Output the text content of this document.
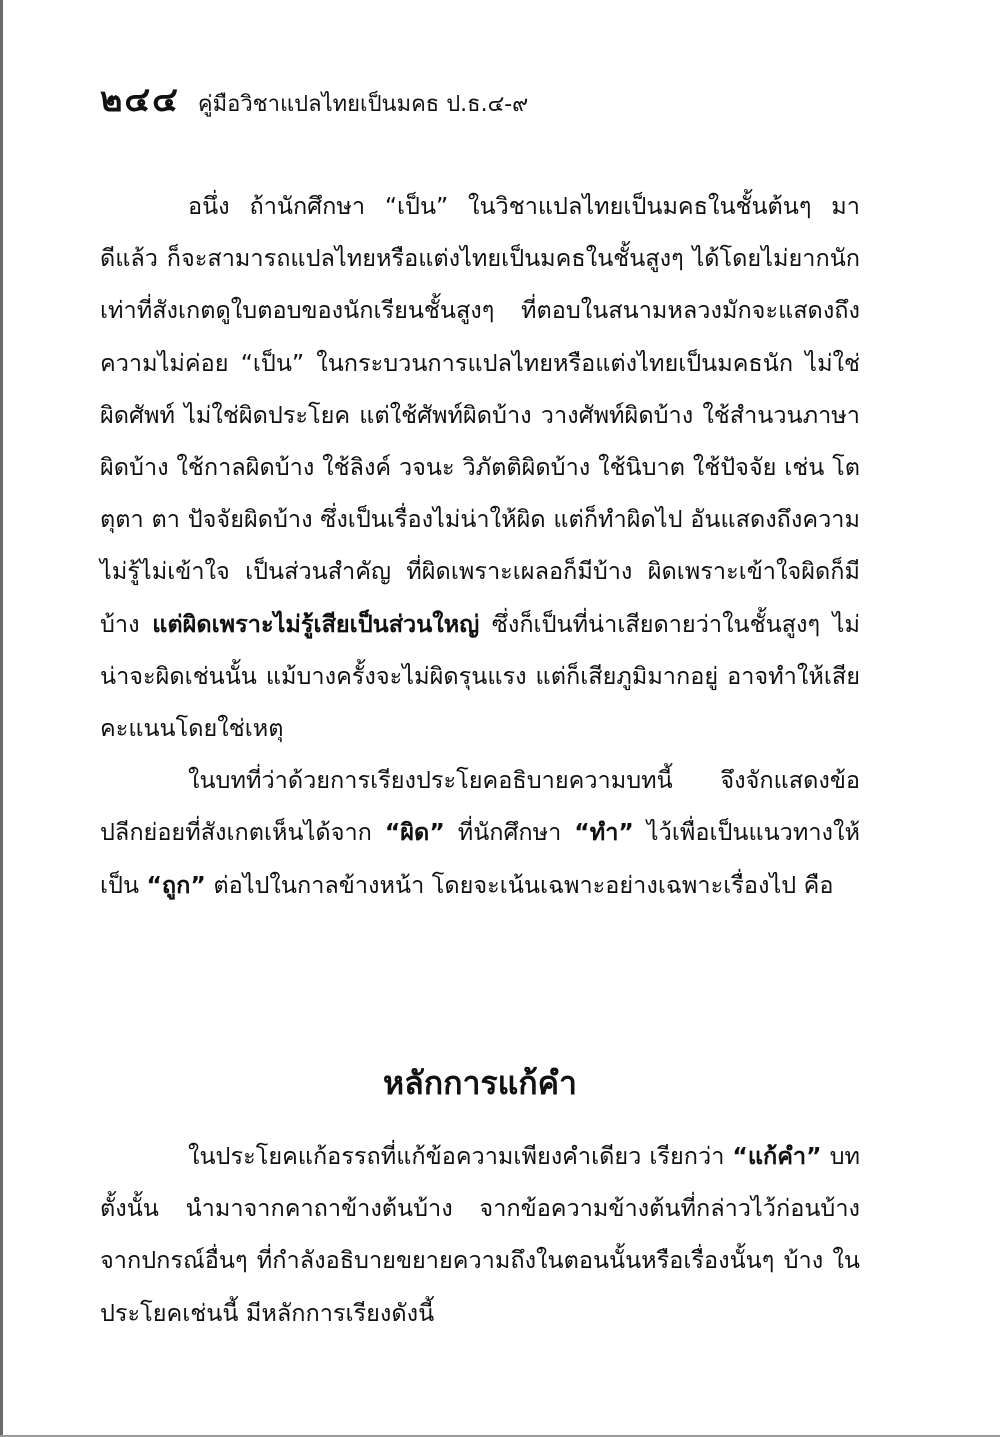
๒๔๔ คู่มือวิชาแปลไทยเป็นมคธ ป.ธ.๔-๙

อนึ่ง ถ้านักศึกษา “เป็น” ในวิชาแปลไทยเป็นมคธในชั้นต้นๆ มาดีแล้ว ก็จะสามารถแปลไทยหรือแต่งไทยเป็นมคธในชั้นสูงๆ ได้โดยไม่ยากนัก เท่าที่สังเกตดูใบตอบของนักเรียนชั้นสูงๆ ที่ตอบในสนามหลวงมักจะแสดงถึงความไม่ค่อย “เป็น” ในกระบวนการแปลไทยหรือแต่งไทยเป็นมคธนัก ไม่ใช่ผิดศัพท์ ไม่ใช่ผิดประโยค แต่ใช้ศัพท์ผิดบ้าง วางศัพท์ผิดบ้าง ใช้สำนวนภาษาผิดบ้าง ใช้กาลผิดบ้าง ใช้ลิงค์ วจนะ วิภัตติผิดบ้าง ใช้นิบาต ใช้ปัจจัย เช่น โต ตุตา ตา ปัจจัยผิดบ้าง ซึ่งเป็นเรื่องไม่น่าให้ผิด แต่ก็ทำผิดไป อันแสดงถึงความไม่รู้ไม่เข้าใจ เป็นส่วนสำคัญ ที่ผิดเพราะเผลอก็มีบ้าง ผิดเพราะเข้าใจผิดก็มีบ้าง แต่ผิดเพราะไม่รู้เสียเป็นส่วนใหญ่ ซึ่งก็เป็นที่น่าเสียดายว่าในชั้นสูงๆ ไม่น่าจะผิดเช่นนั้น แม้บางครั้งจะไม่ผิดรุนแรง แต่ก็เสียภูมิมากอยู่ อาจทำให้เสียคะแนนโดยใช่เหตุ

ในบทที่ว่าด้วยการเรียงประโยคอธิบายความบทนี้ จึงจักแสดงข้อปลีกย่อยที่สังเกตเห็นได้จาก “ผิด” ที่นักศึกษา “ทำ” ไว้เพื่อเป็นแนวทางให้เป็น “ถูก” ต่อไปในกาลข้างหน้า โดยจะเน้นเฉพาะอย่างเฉพาะเรื่องไป คือ

หลักการแก้คำ

ในประโยคแก้อรรถที่แก้ข้อความเพียงคำเดียว เรียกว่า “แก้คำ” บทตั้งนั้น นำมาจากคาถาข้างต้นบ้าง จากข้อความข้างต้นที่กล่าวไว้ก่อนบ้าง จากปกรณ์อื่นๆ ที่กำลังอธิบายขยายความถึงในตอนนั้นหรือเรื่องนั้นๆ บ้าง ในประโยคเช่นนี้ มีหลักการเรียงดังนี้
